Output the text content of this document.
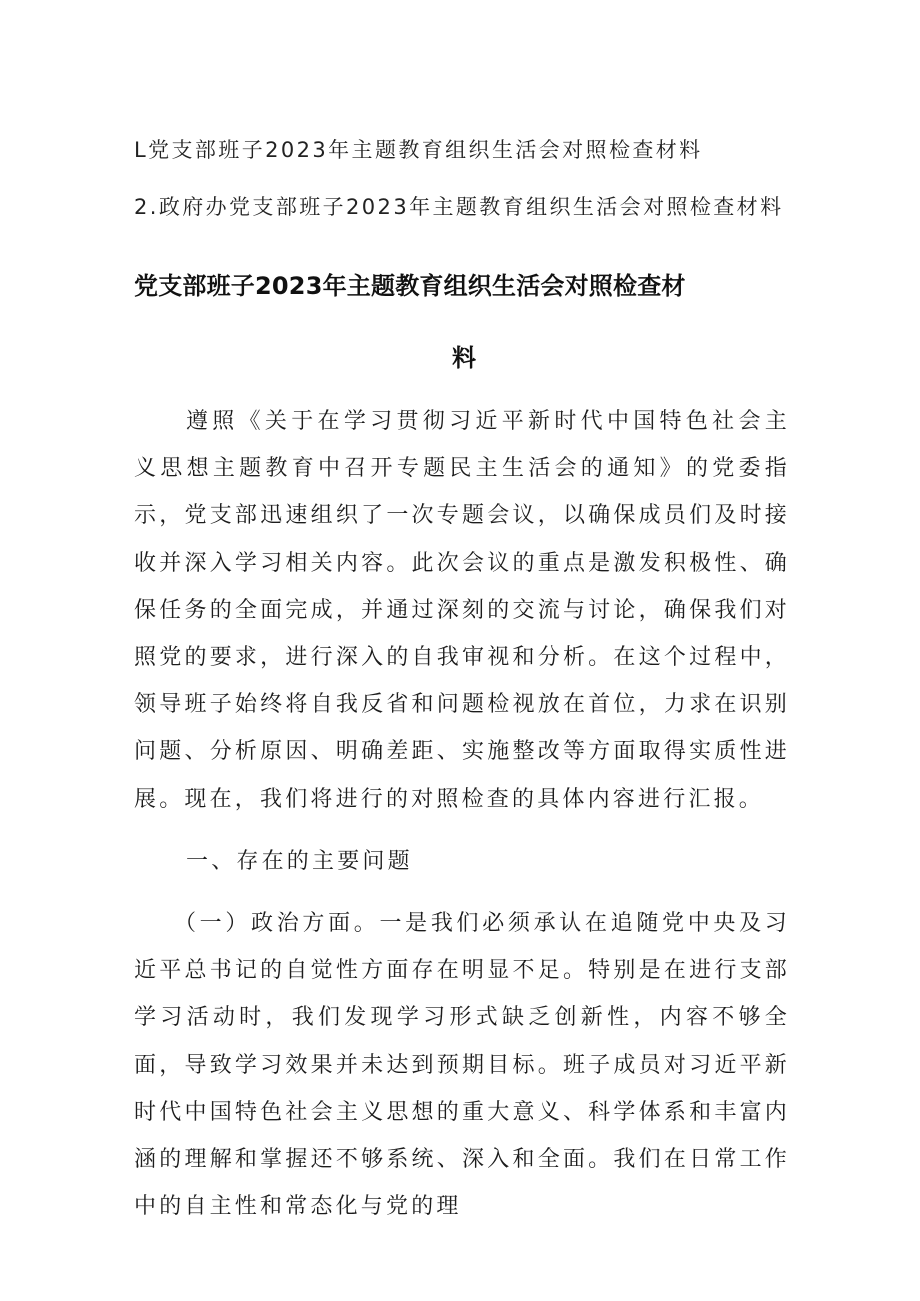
L党支部班子2023年主题教育组织生活会对照检查材料
2.政府办党支部班子2023年主题教育组织生活会对照检查材料
党支部班子2023年主题教育组织生活会对照检查材
料
遵照《关于在学习贯彻习近平新时代中国特色社会主义思想主题教育中召开专题民主生活会的通知》的党委指示，党支部迅速组织了一次专题会议，以确保成员们及时接收并深入学习相关内容。此次会议的重点是激发积极性、确保任务的全面完成，并通过深刻的交流与讨论，确保我们对照党的要求，进行深入的自我审视和分析。在这个过程中，领导班子始终将自我反省和问题检视放在首位，力求在识别问题、分析原因、明确差距、实施整改等方面取得实质性进展。现在，我们将进行的对照检查的具体内容进行汇报。
一、存在的主要问题
（一）政治方面。一是我们必须承认在追随党中央及习近平总书记的自觉性方面存在明显不足。特别是在进行支部学习活动时，我们发现学习形式缺乏创新性，内容不够全面，导致学习效果并未达到预期目标。班子成员对习近平新时代中国特色社会主义思想的重大意义、科学体系和丰富内涵的理解和掌握还不够系统、深入和全面。我们在日常工作中的自主性和常态化与党的理
